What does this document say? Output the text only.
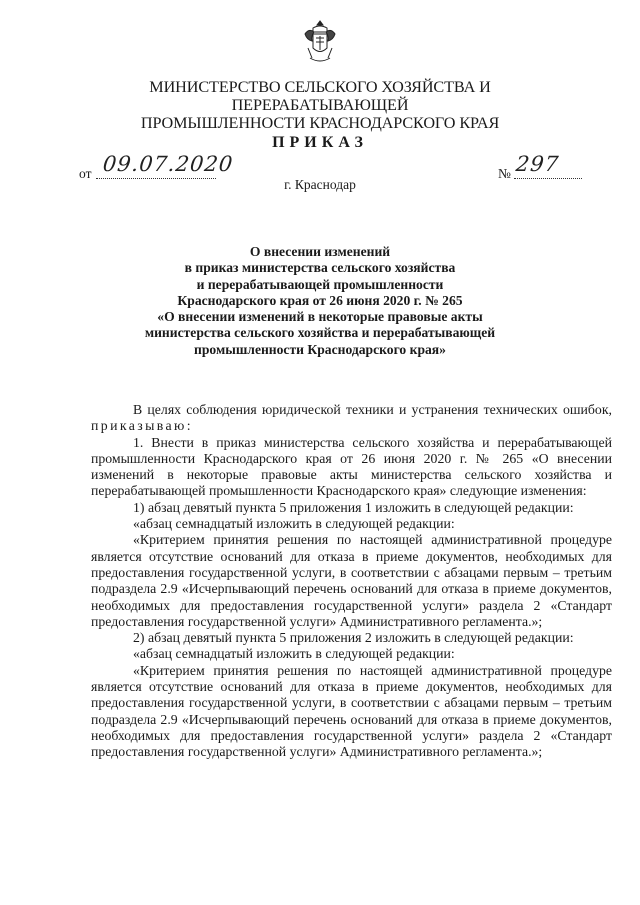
МИНИСТЕРСТВО СЕЛЬСКОГО ХОЗЯЙСТВА И ПЕРЕРАБАТЫВАЮЩЕЙ
ПРОМЫШЛЕННОСТИ КРАСНОДАРСКОГО КРАЯ
ПРИКАЗ
от 09.07.2020	№ 297
г. Краснодар
О внесении изменений
в приказ министерства сельского хозяйства
и перерабатывающей промышленности
Краснодарского края от 26 июня 2020 г. № 265
«О внесении изменений в некоторые правовые акты
министерства сельского хозяйства и перерабатывающей
промышленности Краснодарского края»

В целях соблюдения юридической техники и устранения технических ошибок, приказываю:

1. Внести в приказ министерства сельского хозяйства и перерабатывающей промышленности Краснодарского края от 26 июня 2020 г. № 265 «О внесении изменений в некоторые правовые акты министерства сельского хозяйства и перерабатывающей промышленности Краснодарского края» следующие изменения:

1) абзац девятый пункта 5 приложения 1 изложить в следующей редакции:

«абзац семнадцатый изложить в следующей редакции:

«Критерием принятия решения по настоящей административной процедуре является отсутствие оснований для отказа в приеме документов, необходимых для предоставления государственной услуги, в соответствии с абзацами первым – третьим подраздела 2.9 «Исчерпывающий перечень оснований для отказа в приеме документов, необходимых для предоставления государственной услуги» раздела 2 «Стандарт предоставления государственной услуги» Административного регламента.»;

2) абзац девятый пункта 5 приложения 2 изложить в следующей редакции:

«абзац семнадцатый изложить в следующей редакции:

«Критерием принятия решения по настоящей административной процедуре является отсутствие оснований для отказа в приеме документов, необходимых для предоставления государственной услуги, в соответствии с абзацами первым – третьим подраздела 2.9 «Исчерпывающий перечень оснований для отказа в приеме документов, необходимых для предоставления государственной услуги» раздела 2 «Стандарт предоставления государственной услуги» Административного регламента.»;
